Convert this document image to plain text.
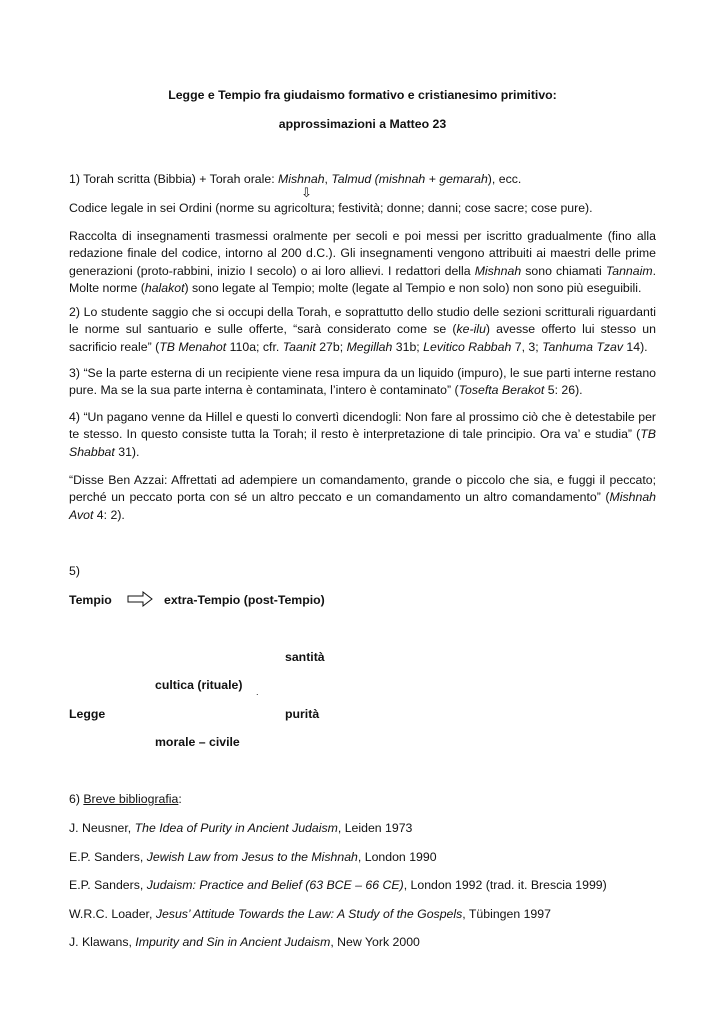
Legge e Tempio fra giudaismo formativo e cristianesimo primitivo:

approssimazioni a Matteo 23

1) Torah scritta (Bibbia) + Torah orale: Mishnah, Talmud (mishnah + gemarah), ecc.

⇩

Codice legale in sei Ordini (norme su agricoltura; festività; donne; danni; cose sacre; cose pure).

Raccolta di insegnamenti trasmessi oralmente per secoli e poi messi per iscritto gradualmente (fino alla redazione finale del codice, intorno al 200 d.C.). Gli insegnamenti vengono attribuiti ai maestri delle prime generazioni (proto-rabbini, inizio I secolo) o ai loro allievi. I redattori della Mishnah sono chiamati Tannaim. Molte norme (halakot) sono legate al Tempio; molte (legate al Tempio e non solo) non sono più eseguibili.

2) Lo studente saggio che si occupi della Torah, e soprattutto dello studio delle sezioni scritturali riguardanti le norme sul santuario e sulle offerte, “sarà considerato come se (ke-ilu) avesse offerto lui stesso un sacrificio reale” (TB Menahot 110a; cfr. Taanit 27b; Megillah 31b; Levitico Rabbah 7, 3; Tanhuma Tzav 14).

3) “Se la parte esterna di un recipiente viene resa impura da un liquido (impuro), le sue parti interne restano pure. Ma se la sua parte interna è contaminata, l’intero è contaminato” (Tosefta Berakot 5: 26).

4) “Un pagano venne da Hillel e questi lo convertì dicendogli: Non fare al prossimo ciò che è detestabile per te stesso. In questo consiste tutta la Torah; il resto è interpretazione di tale principio. Ora va’ e studia” (TB Shabbat 31).

“Disse Ben Azzai: Affrettati ad adempiere un comandamento, grande o piccolo che sia, e fuggi il peccato; perché un peccato porta con sé un altro peccato e un comandamento un altro comandamento” (Mishnah Avot 4: 2).

5)

Tempio	extra-Tempio (post-Tempio)

santità

cultica (rituale) .

Legge	purità

morale – civile

6) Breve bibliografia:

J. Neusner, The Idea of Purity in Ancient Judaism, Leiden 1973

E.P. Sanders, Jewish Law from Jesus to the Mishnah, London 1990

E.P. Sanders, Judaism: Practice and Belief (63 BCE – 66 CE), London 1992 (trad. it. Brescia 1999)

W.R.C. Loader, Jesus’ Attitude Towards the Law: A Study of the Gospels, Tübingen 1997

J. Klawans, Impurity and Sin in Ancient Judaism, New York 2000
